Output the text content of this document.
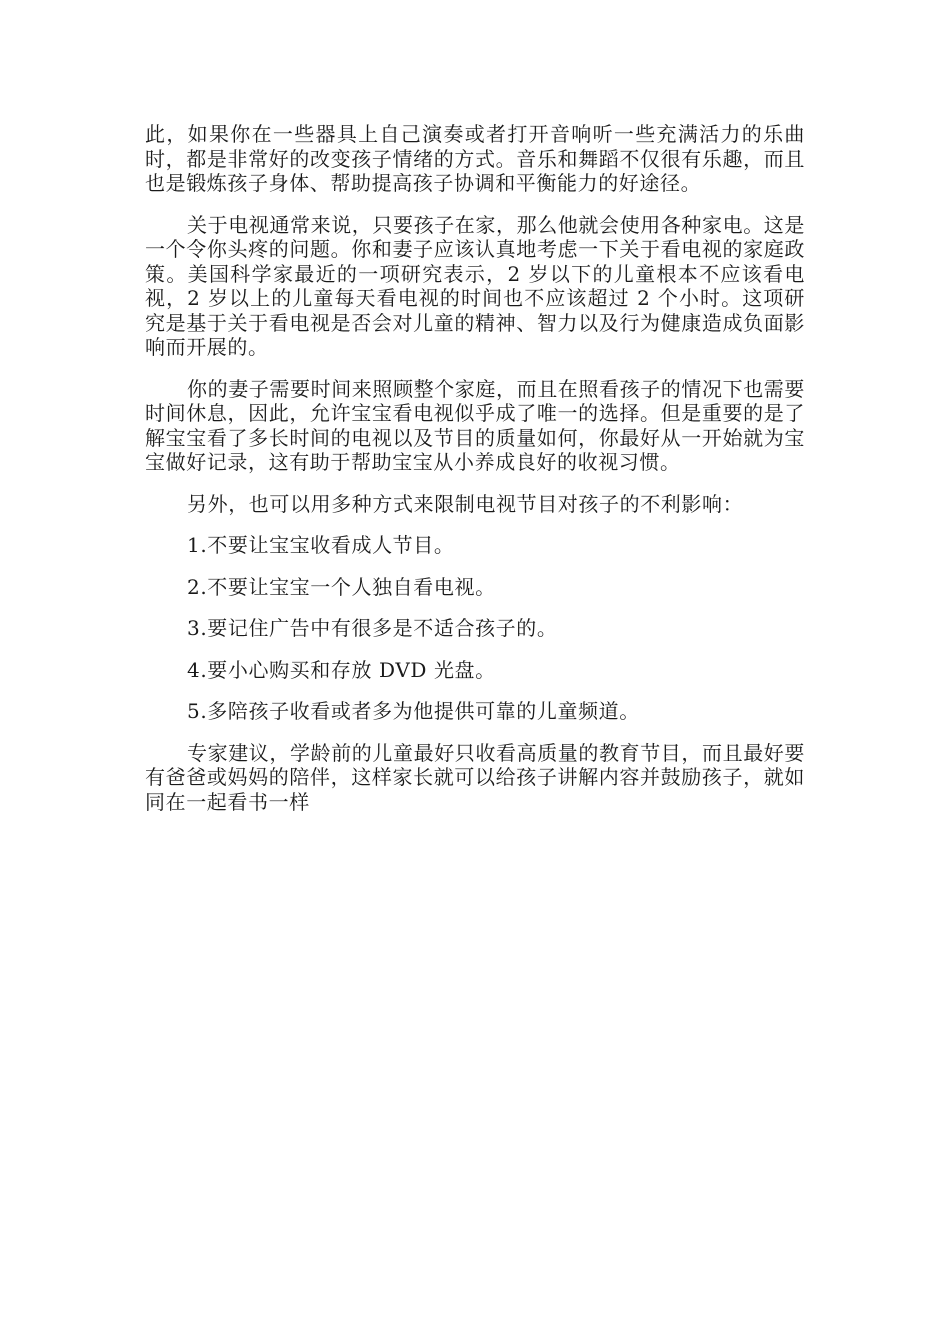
此，如果你在一些器具上自己演奏或者打开音响听一些充满活力的乐曲时，都是非常好的改变孩子情绪的方式。音乐和舞蹈不仅很有乐趣，而且也是锻炼孩子身体、帮助提高孩子协调和平衡能力的好途径。

关于电视通常来说，只要孩子在家，那么他就会使用各种家电。这是一个令你头疼的问题。你和妻子应该认真地考虑一下关于看电视的家庭政策。美国科学家最近的一项研究表示，2 岁以下的儿童根本不应该看电视，2 岁以上的儿童每天看电视的时间也不应该超过 2 个小时。这项研究是基于关于看电视是否会对儿童的精神、智力以及行为健康造成负面影响而开展的。

你的妻子需要时间来照顾整个家庭，而且在照看孩子的情况下也需要时间休息，因此，允许宝宝看电视似乎成了唯一的选择。但是重要的是了解宝宝看了多长时间的电视以及节目的质量如何，你最好从一开始就为宝宝做好记录，这有助于帮助宝宝从小养成良好的收视习惯。

另外，也可以用多种方式来限制电视节目对孩子的不利影响：

1.不要让宝宝收看成人节目。

2.不要让宝宝一个人独自看电视。

3.要记住广告中有很多是不适合孩子的。

4.要小心购买和存放 DVD 光盘。

5.多陪孩子收看或者多为他提供可靠的儿童频道。

专家建议，学龄前的儿童最好只收看高质量的教育节目，而且最好要有爸爸或妈妈的陪伴，这样家长就可以给孩子讲解内容并鼓励孩子，就如同在一起看书一样
